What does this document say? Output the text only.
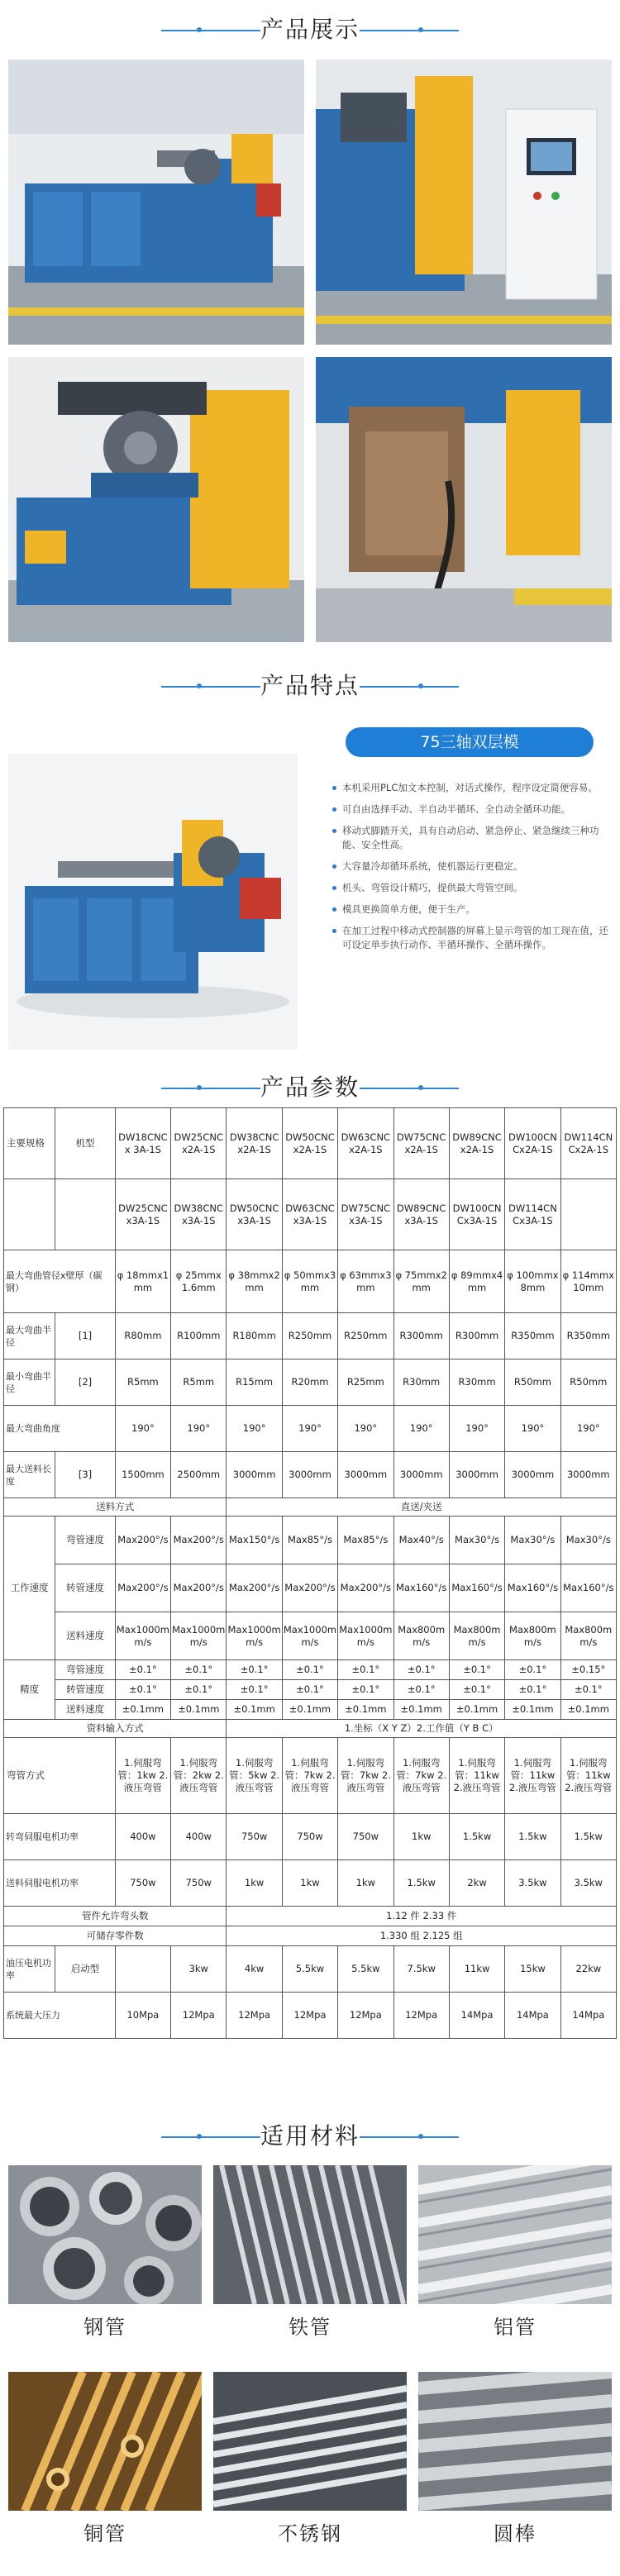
产品展示
产品特点
75三轴双层模
本机采用PLC加文本控制，对话式操作，程序设定简便容易。
可自由选择手动、半自动半循环、全自动全循环功能。
移动式脚踏开关，具有自动启动、紧急停止、紧急继续三种功能、安全性高。
大容量冷却循环系统，使机器运行更稳定。
机头、弯管设计精巧，提供最大弯管空间。
模具更换简单方便，便于生产。
在加工过程中移动式控制器的屏幕上显示弯管的加工现在值，还可设定单步执行动作、半循环操作、全循环操作。
产品参数
主要规格	机型	DW18CNCx 3A-1S	DW25CNCx2A-1S	DW38CNCx2A-1S	DW50CNCx2A-1S	DW63CNCx2A-1S	DW75CNCx2A-1S	DW89CNCx2A-1S	DW100CNCx2A-1S	DW114CNCx2A-1S
		DW25CNCx3A-1S	DW38CNCx3A-1S	DW50CNCx3A-1S	DW63CNCx3A-1S	DW75CNCx3A-1S	DW89CNCx3A-1S	DW100CNCx3A-1S	DW114CNCx3A-1S	
最大弯曲管径x壁厚（碳钢）		φ 18mmx1mm	φ 25mmx1.6mm	φ 38mmx2mm	φ 50mmx3mm	φ 63mmx3mm	φ 75mmx2mm	φ 89mmx4mm	φ 100mmx8mm	φ 114mmx10mm
最大弯曲半径	[1]	R80mm	R100mm	R180mm	R250mm	R250mm	R300mm	R300mm	R350mm	R350mm
最小弯曲半径	[2]	R5mm	R5mm	R15mm	R20mm	R25mm	R30mm	R30mm	R50mm	R50mm
最大弯曲角度		190°	190°	190°	190°	190°	190°	190°	190°	190°
最大送料长度	[3]	1500mm	2500mm	3000mm	3000mm	3000mm	3000mm	3000mm	3000mm	3000mm
送料方式				直送/夹送						
工作速度	弯管速度	Max200°/s	Max200°/s	Max150°/s	Max85°/s	Max85°/s	Max40°/s	Max30°/s	Max30°/s	Max30°/s
	转管速度	Max200°/s	Max200°/s	Max200°/s	Max200°/s	Max200°/s	Max160°/s	Max160°/s	Max160°/s	Max160°/s
	送料速度	Max1000mm/s	Max1000mm/s	Max1000mm/s	Max1000mm/s	Max1000mm/s	Max800mm/s	Max800mm/s	Max800mm/s	Max800mm/s
精度	弯管速度	±0.1°	±0.1°	±0.1°	±0.1°	±0.1°	±0.1°	±0.1°	±0.1°	±0.15°
	转管速度	±0.1°	±0.1°	±0.1°	±0.1°	±0.1°	±0.1°	±0.1°	±0.1°	±0.1°
	送料速度	±0.1mm	±0.1mm	±0.1mm	±0.1mm	±0.1mm	±0.1mm	±0.1mm	±0.1mm	±0.1mm
资料输入方式				1.坐标（X Y Z）2.工作值（Y B C）						
弯管方式		1.伺服弯管：1kw 2.液压弯管	1.伺服弯管：2kw 2.液压弯管	1.伺服弯管：5kw 2.液压弯管	1.伺服弯管：7kw 2.液压弯管	1.伺服弯管：7kw 2.液压弯管	1.伺服弯管：7kw 2.液压弯管	1.伺服弯管：11kw 2.液压弯管	1.伺服弯管：11kw 2.液压弯管	1.伺服弯管：11kw 2.液压弯管
转弯伺服电机功率		400w	400w	750w	750w	750w	1kw	1.5kw	1.5kw	1.5kw
送料伺服电机功率		750w	750w	1kw	1kw	1kw	1.5kw	2kw	3.5kw	3.5kw
管件允许弯头数				1.12 件 2.33 件						
可储存零件数				1.330 组 2.125 组						
油压电机功率	启动型		3kw	4kw	5.5kw	5.5kw	7.5kw	11kw	15kw	22kw
系统最大压力		10Mpa	12Mpa	12Mpa	12Mpa	12Mpa	12Mpa	14Mpa	14Mpa	14Mpa
适用材料
钢管	铁管	铝管
铜管	不锈钢	圆棒
